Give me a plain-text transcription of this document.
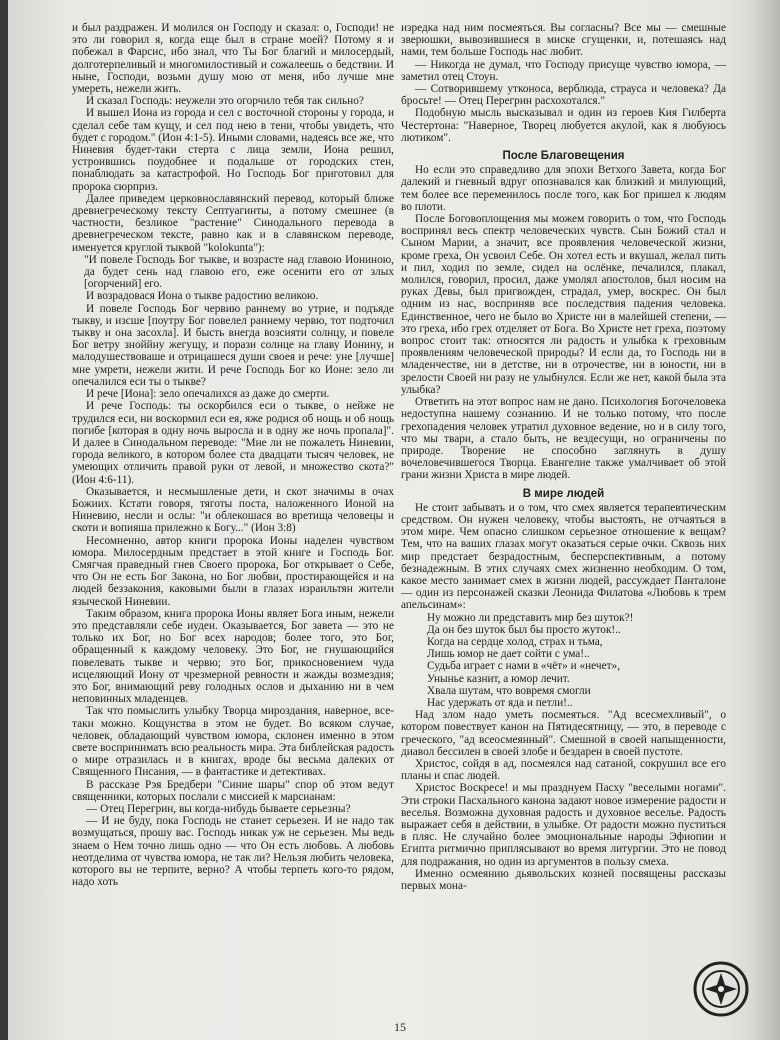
и был раздражен. И молился он Господу и сказал: о, Господи! не это ли говорил я, когда еще был в стране моей? Потому я и побежал в Фарсис, ибо знал, что Ты Бог благий и милосердый, долготерпеливый и многомилостивый и сожалеешь о бедствии. И ныне, Господи, возьми душу мою от меня, ибо лучше мне умереть, нежели жить.

И сказал Господь: неужели это огорчило тебя так сильно?

И вышел Иона из города и сел с восточной стороны у города, и сделал себе там кущу, и сел под нею в тени, чтобы увидеть, что будет с городом." (Ион 4:1-5). Иными словами, надеясь все же, что Ниневия будет-таки стерта с лица земли, Иона решил, устроившись поудобнее и подальше от городских стен, понаблюдать за катастрофой. Но Господь Бог приготовил для пророка сюрприз.

Далее приведем церковнославянский перевод, который ближе древнегреческому тексту Септуагинты, а потому смешнее (в частности, безликое "растение" Синодального перевода в древнегреческом тексте, равно как и в славянском переводе, именуется круглой тыквой "kolokunta"):

"И повеле Господь Бог тыкве, и возрасте над главою Иониною, да будет сень над главою его, еже осенити его от злых [огорчений] его.

И возрадовася Иона о тыкве радостию великою.

И повеле Господь Бог червию раннему во утрие, и подъяде тыкву, и изсше [поутру Бог повелел раннему червю, тот подточил тыкву и она засохла]. И бысть внегда возсияти солнцу, и повеле Бог ветру зноййну жегущу, и порази солнце на главу Ионину, и малодушествоваше и отрицашеся души своея и рече: уне [лучше] мне умрети, нежели жити. И рече Господь Бог ко Ионе: зело ли опечалился еси ты о тыкве?

И рече [Иона]: зело опечалихся аз даже до смерти.

И рече Господь: ты оскорбился еси о тыкве, о нейже не трудился еси, ни воскормил еси ея, яже родися об нощь и об нощь погибе [которая в одну ночь выросла и в одну же ночь пропала]". И далее в Синодальном переводе: "Мне ли не пожалеть Ниневии, города великого, в котором более ста двадцати тысяч человек, не умеющих отличить правой руки от левой, и множество скота?" (Ион 4:6-11).

Оказывается, и несмышленые дети, и скот значимы в очах Божиих. Кстати говоря, тяготы поста, наложенного Ионой на Ниневию, несли и ослы: "и облекошася во вретища человецы и скоти и вопияша прилежно к Богу..." (Ион 3:8)

Несомненно, автор книги пророка Ионы наделен чувством юмора. Милосердным предстает в этой книге и Господь Бог. Смягчая праведный гнев Своего пророка, Бог открывает о Себе, что Он не есть Бог Закона, но Бог любви, простирающейся и на людей беззакония, каковыми были в глазах израильтян жители языческой Ниневии.

Таким образом, книга пророка Ионы являет Бога иным, нежели это представляли себе иудеи. Оказывается, Бог завета — это не только их Бог, но Бог всех народов; более того, это Бог, обращенный к каждому человеку. Это Бог, не гнушающийся повелевать тыкве и червю; это Бог, прикосновением чуда исцеляющий Иону от чрезмерной ревности и жажды возмездия; это Бог, внимающий реву голодных ослов и дыханию ни в чем неповинных младенцев.

Так что помыслить улыбку Творца мироздания, наверное, все-таки можно. Кощунства в этом не будет. Во всяком случае, человек, обладающий чувством юмора, склонен именно в этом свете воспринимать всю реальность мира. Эта библейская радость о мире отразилась и в книгах, вроде бы весьма далеких от Священного Писания, — в фантастике и детективах.

В рассказе Рэя Бредбери "Синие шары" спор об этом ведут священники, которых послали с миссией к марсианам:

— Отец Перегрин, вы когда-нибудь бываете серьезны?

— И не буду, пока Господь не станет серьезен. И не надо так возмущаться, прошу вас. Господь никак уж не серьезен. Мы ведь знаем о Нем точно лишь одно — что Он есть любовь. А любовь неотделима от чувства юмора, не так ли? Нельзя любить человека, которого вы не терпите, верно? А чтобы терпеть кого-то рядом, надо хоть

изредка над ним посмеяться. Вы согласны? Все мы — смешные зверюшки, вывозившиеся в миске сгущенки, и, потешаясь над нами, тем больше Господь нас любит.

— Никогда не думал, что Господу присуще чувство юмора, — заметил отец Стоун.

— Сотворившему утконоса, верблюда, страуса и человека? Да бросьте! — Отец Перегрин расхохотался."

Подобную мысль высказывал и один из героев Кия Гилберта Честертона: "Наверное, Творец любуется акулой, как я любуюсь лютиком".

После Благовещения

Но если это справедливо для эпохи Ветхого Завета, когда Бог далекий и гневный вдруг опознавался как близкий и милующий, тем более все переменилось после того, как Бог пришел к людям во плоти.

После Боговоплощения мы можем говорить о том, что Господь воспринял весь спектр человеческих чувств. Сын Божий стал и Сыном Марии, а значит, все проявления человеческой жизни, кроме греха, Он усвоил Себе. Он хотел есть и вкушал, желал пить и пил, ходил по земле, сидел на ослёнке, печалился, плакал, молился, говорил, просил, даже умолял апостолов, был носим на руках Девы, был пригвожден, страдал, умер, воскрес. Он был одним из нас, восприняв все последствия падения человека. Единственное, чего не было во Христе ни в малейшей степени, — это греха, ибо грех отделяет от Бога. Во Христе нет греха, поэтому вопрос стоит так: относятся ли радость и улыбка к греховным проявлениям человеческой природы? И если да, то Господь ни в младенчестве, ни в детстве, ни в отрочестве, ни в юности, ни в зрелости Своей ни разу не улыбнулся. Если же нет, какой была эта улыбка?

Ответить на этот вопрос нам не дано. Психология Богочеловека недоступна нашему сознанию. И не только потому, что после грехопадения человек утратил духовное ведение, но и в силу того, что мы твари, а стало быть, не вездесущи, но ограничены по природе. Творение не способно заглянуть в душу вочеловечившегося Творца. Евангелие также умалчивает об этой грани жизни Христа в мире людей.

В мире людей

Не стоит забывать и о том, что смех является терапевтическим средством. Он нужен человеку, чтобы выстоять, не отчаяться в этом мире. Чем опасно слишком серьезное отношение к вещам? Тем, что на ваших глазах могут оказаться серые очки. Сквозь них мир предстает безрадостным, бесперспективным, а потому безнадежным. В этих случаях смех жизненно необходим. О том, какое место занимает смех в жизни людей, рассуждает Панталоне — один из персонажей сказки Леонида Филатова «Любовь к трем апельсинам»:

Ну можно ли представить мир без шуток?!
Да он без шуток был бы просто жуток!..
Когда на сердце холод, страх и тьма,
Лишь юмор не дает сойти с ума!..
Судьба играет с нами в «чёт» и «нечет»,
Унынье казнит, а юмор лечит.
Хвала шутам, что вовремя смогли
Нас удержать от яда и петли!..

Над злом надо уметь посмеяться. "Ад всесмехливый", о котором повествует канон на Пятидесятницу, — это, в переводе с греческого, "ад всеосмеянный". Смешной в своей напыщенности, диавол бессилен в своей злобе и бездарен в своей пустоте.

Христос, сойдя в ад, посмеялся над сатаной, сокрушил все его планы и спас людей.

Христос Воскресе! и мы празднуем Пасху "веселыми ногами". Эти строки Пасхального канона задают новое измерение радости и веселья. Возможна духовная радость и духовное веселье. Радость выражает себя в действии, в улыбке. От радости можно пуститься в пляс. Не случайно более эмоциональные народы Эфиопии и Египта ритмично приплясывают во время литургии. Это не повод для подражания, но один из аргументов в пользу смеха.

Именно осмеянию дьявольских козней посвящены рассказы первых мона-

15
